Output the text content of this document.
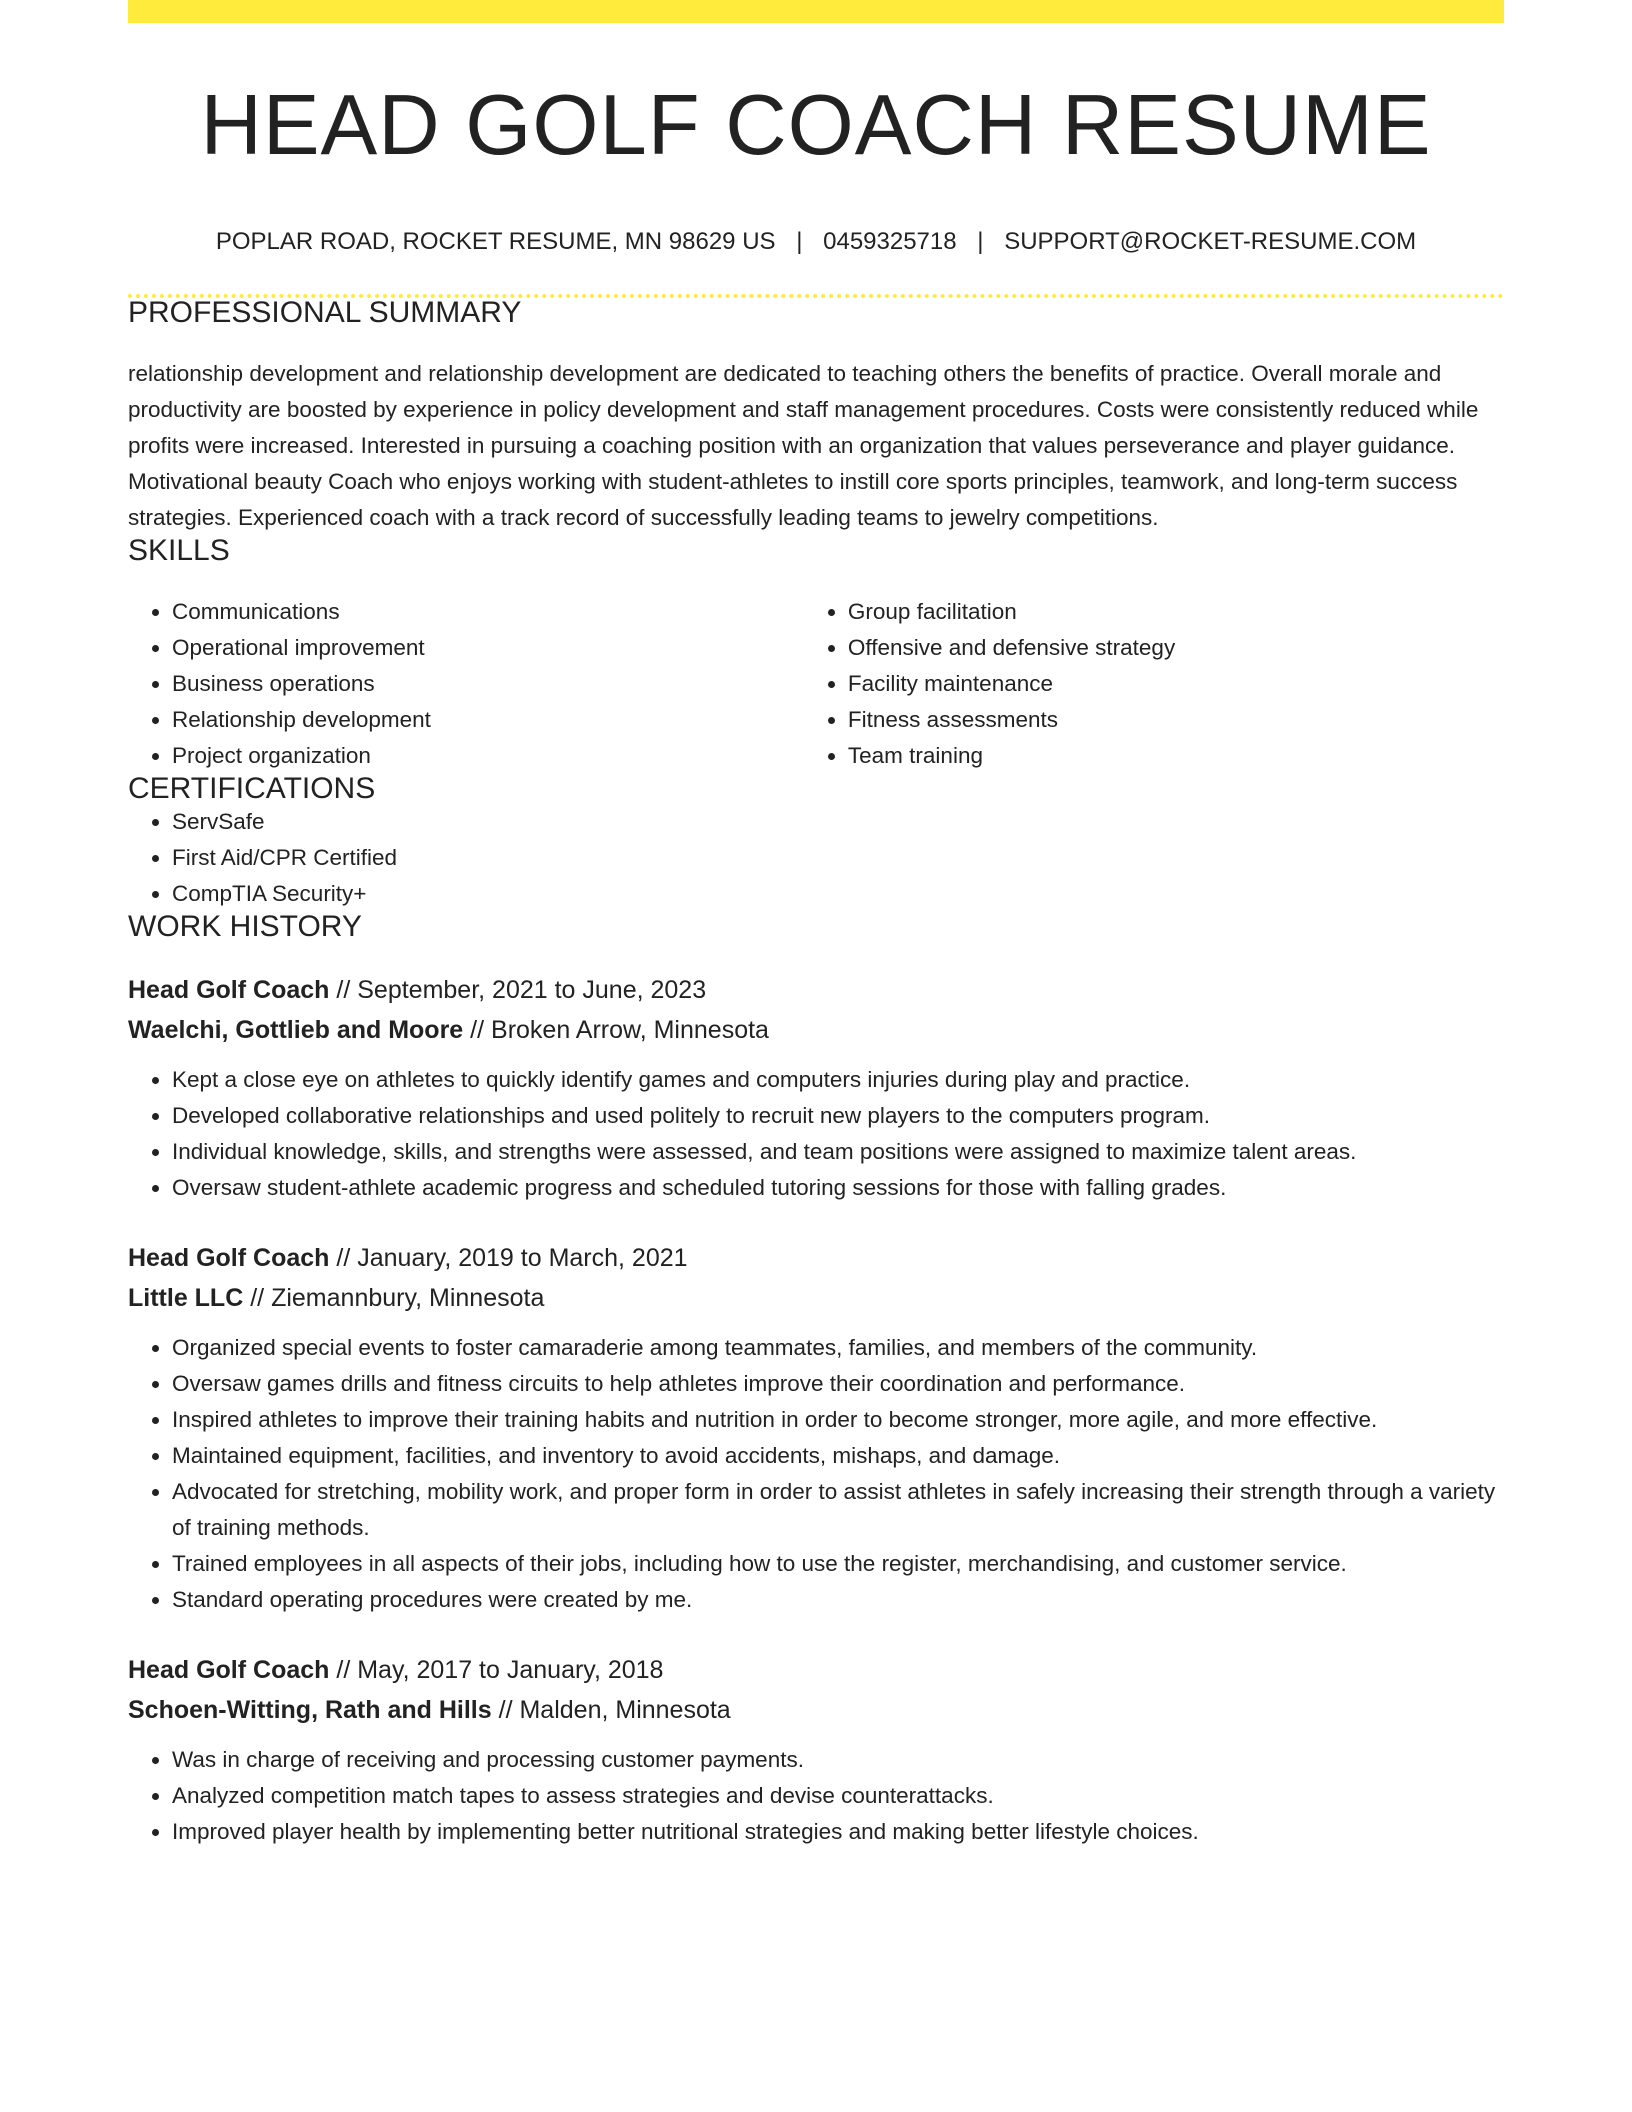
HEAD GOLF COACH RESUME
POPLAR ROAD, ROCKET RESUME, MN 98629 US | 0459325718 | SUPPORT@ROCKET-RESUME.COM
PROFESSIONAL SUMMARY
relationship development and relationship development are dedicated to teaching others the benefits of practice. Overall morale and productivity are boosted by experience in policy development and staff management procedures. Costs were consistently reduced while profits were increased. Interested in pursuing a coaching position with an organization that values perseverance and player guidance. Motivational beauty Coach who enjoys working with student-athletes to instill core sports principles, teamwork, and long-term success strategies. Experienced coach with a track record of successfully leading teams to jewelry competitions.
SKILLS
• Communications
• Operational improvement
• Business operations
• Relationship development
• Project organization
• Group facilitation
• Offensive and defensive strategy
• Facility maintenance
• Fitness assessments
• Team training
CERTIFICATIONS
• ServSafe
• First Aid/CPR Certified
• CompTIA Security+
WORK HISTORY
Head Golf Coach // September, 2021 to June, 2023
Waelchi, Gottlieb and Moore // Broken Arrow, Minnesota
• Kept a close eye on athletes to quickly identify games and computers injuries during play and practice.
• Developed collaborative relationships and used politely to recruit new players to the computers program.
• Individual knowledge, skills, and strengths were assessed, and team positions were assigned to maximize talent areas.
• Oversaw student-athlete academic progress and scheduled tutoring sessions for those with falling grades.
Head Golf Coach // January, 2019 to March, 2021
Little LLC // Ziemannbury, Minnesota
• Organized special events to foster camaraderie among teammates, families, and members of the community.
• Oversaw games drills and fitness circuits to help athletes improve their coordination and performance.
• Inspired athletes to improve their training habits and nutrition in order to become stronger, more agile, and more effective.
• Maintained equipment, facilities, and inventory to avoid accidents, mishaps, and damage.
• Advocated for stretching, mobility work, and proper form in order to assist athletes in safely increasing their strength through a variety of training methods.
• Trained employees in all aspects of their jobs, including how to use the register, merchandising, and customer service.
• Standard operating procedures were created by me.
Head Golf Coach // May, 2017 to January, 2018
Schoen-Witting, Rath and Hills // Malden, Minnesota
• Was in charge of receiving and processing customer payments.
• Analyzed competition match tapes to assess strategies and devise counterattacks.
• Improved player health by implementing better nutritional strategies and making better lifestyle choices.
